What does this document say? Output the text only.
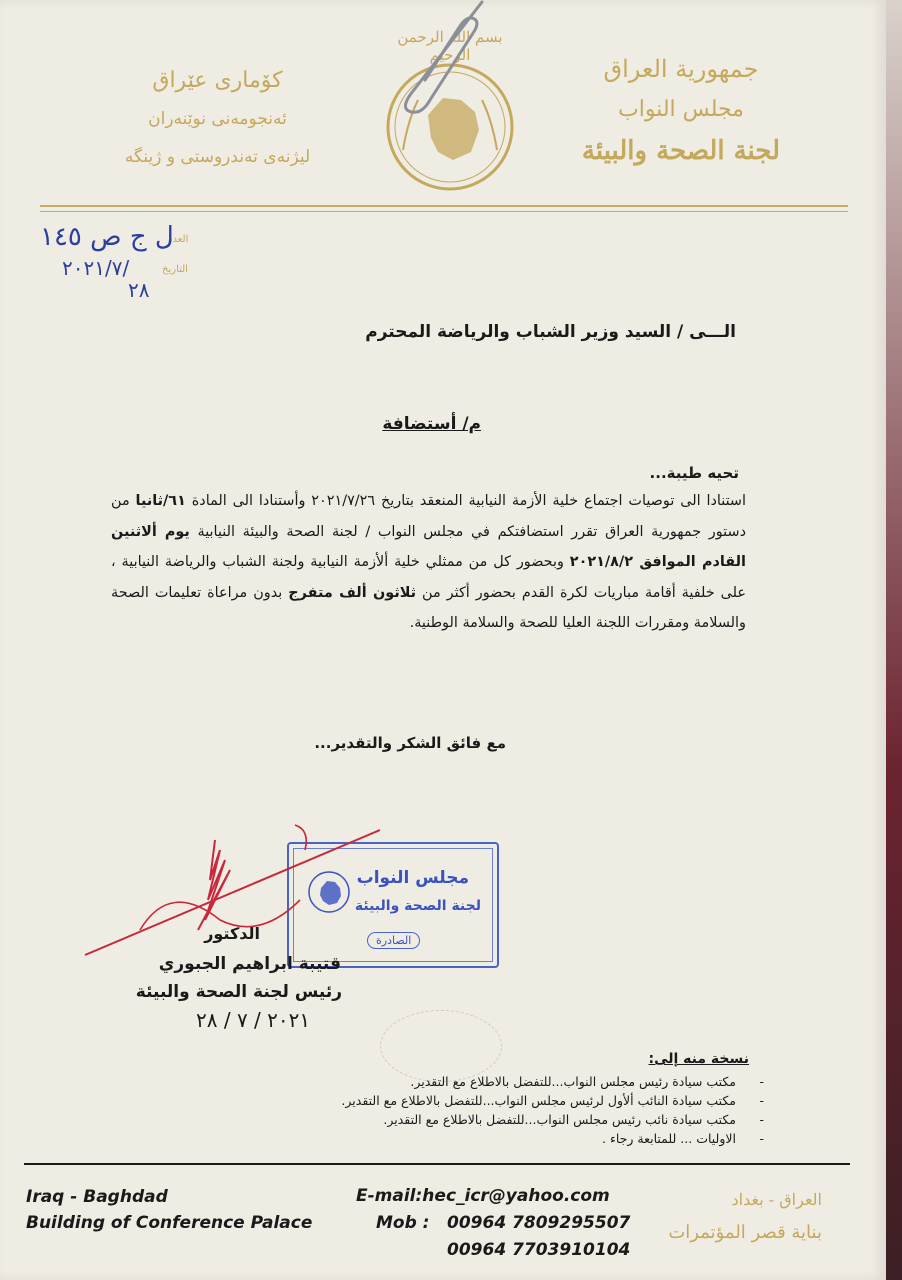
جمهورية العراق
مجلس النواب
لجنة الصحة والبيئة
كۆماری عێراق
ئەنجومەنی نوێنەران
لیژنەی تەندروستی و ژینگە
بسم الله الرحمن الرحيم
العدد
التاريخ
ل ج ص ١٤٥
٢٠٢١/٧/
٢٨
الـــى / السيد وزير الشباب والرياضة المحترم
م/ أستضافة
تحيه طيبة...
استنادا الى توصيات اجتماع خلية الأزمة النيابية المنعقد بتاريخ ٢٠٢١/٧/٢٦ وأستنادا الى المادة ٦١/ثانيا من دستور جمهورية العراق تقرر استضافتكم في مجلس النواب / لجنة الصحة والبيئة النيابية يوم ألاثنين القادم الموافق ٢٠٢١/٨/٢ وبحضور كل من ممثلي خلية ألأزمة النيابية ولجنة الشباب والرياضة النيابية ، على خلفية أقامة مباريات لكرة القدم بحضور أكثر من ثلاثون ألف متفرج بدون مراعاة تعليمات الصحة والسلامة ومقررات اللجنة العليا للصحة والسلامة الوطنية.
مع فائق الشكر والتقدير...
مجلس النواب
لجنة الصحة والبيئة
الصادرة
الدكتور
قتيبة ابراهيم الجبوري
رئيس لجنة الصحة والبيئة
٢٠٢١ / ٧ / ٢٨
نسخة منه إلى:
- مكتب سيادة رئيس مجلس النواب...للتفضل بالاطلاع مع التقدير.
- مكتب سيادة النائب ألأول لرئيس مجلس النواب...للتفضل بالاطلاع مع التقدير.
- مكتب سيادة نائب رئيس مجلس النواب...للتفضل بالاطلاع مع التقدير.
- الاوليات ... للمتابعة رجاء .
Iraq - Baghdad
Building of Conference Palace
E-mail:hec_icr@yahoo.com
Mob : 00964 7809295507
00964 7703910104
العراق - بغداد
بناية قصر المؤتمرات
